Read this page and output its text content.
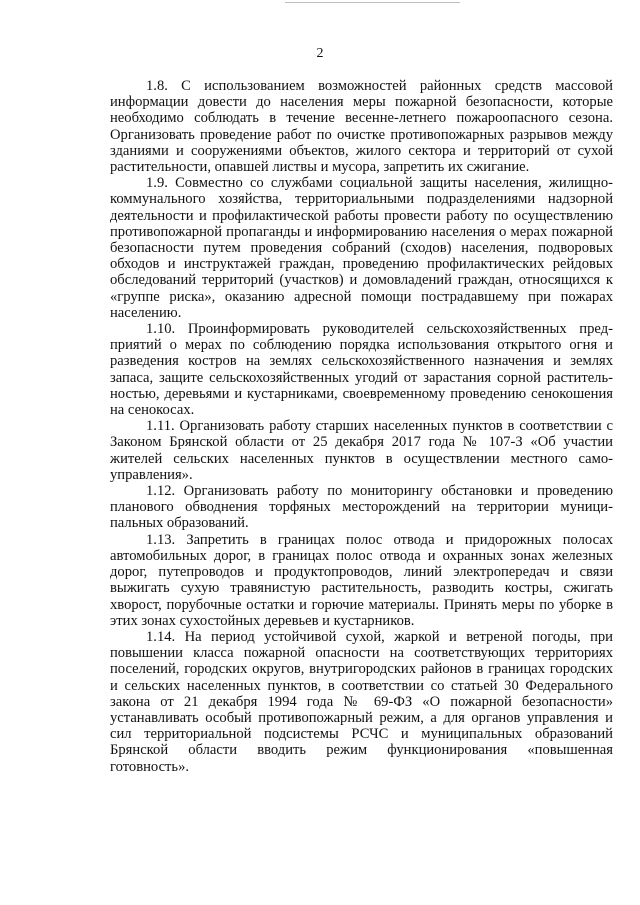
2

1.8. С использованием возможностей районных средств массовой информации довести до населения меры пожарной безопасности, которые необходимо соблюдать в течение весенне-летнего пожароопасного сезона. Организовать проведение работ по очистке противопожарных разрывов между зданиями и сооружениями объектов, жилого сектора и территорий от сухой растительности, опавшей листвы и мусора, запретить их сжигание.

1.9. Совместно со службами социальной защиты населения, жилищно-коммунального хозяйства, территориальными подразделениями надзорной деятельности и профилактической работы провести работу по осуществлению противопожарной пропаганды и информированию населения о мерах пожарной безопасности путем проведения собраний (сходов) населения, подворовых обходов и инструктажей граждан, проведению профилактических рейдовых обследований территорий (участков) и домовладений граждан, относящихся к «группе риска», оказанию адресной помощи пострадавшему при пожарах населению.

1.10. Проинформировать руководителей сельскохозяйственных предприятий о мерах по соблюдению порядка использования открытого огня и разведения костров на землях сельскохозяйственного назначения и землях запаса, защите сельскохозяйственных угодий от зарастания сорной растительностью, деревьями и кустарниками, своевременному проведению сенокошения на сенокосах.

1.11. Организовать работу старших населенных пунктов в соответствии с Законом Брянской области от 25 декабря 2017 года № 107-З «Об участии жителей сельских населенных пунктов в осуществлении местного самоуправления».

1.12. Организовать работу по мониторингу обстановки и проведению планового обводнения торфяных месторождений на территории муниципальных образований.

1.13. Запретить в границах полос отвода и придорожных полосах автомобильных дорог, в границах полос отвода и охранных зонах железных дорог, путепроводов и продуктопроводов, линий электропередач и связи выжигать сухую травянистую растительность, разводить костры, сжигать хворост, порубочные остатки и горючие материалы. Принять меры по уборке в этих зонах сухостойных деревьев и кустарников.

1.14. На период устойчивой сухой, жаркой и ветреной погоды, при повышении класса пожарной опасности на соответствующих территориях поселений, городских округов, внутригородских районов в границах городских и сельских населенных пунктов, в соответствии со статьей 30 Федерального закона от 21 декабря 1994 года № 69-ФЗ «О пожарной безопасности» устанавливать особый противопожарный режим, а для органов управления и сил территориальной подсистемы РСЧС и муниципальных образований Брянской области вводить режим функционирования «повышенная готовность».
